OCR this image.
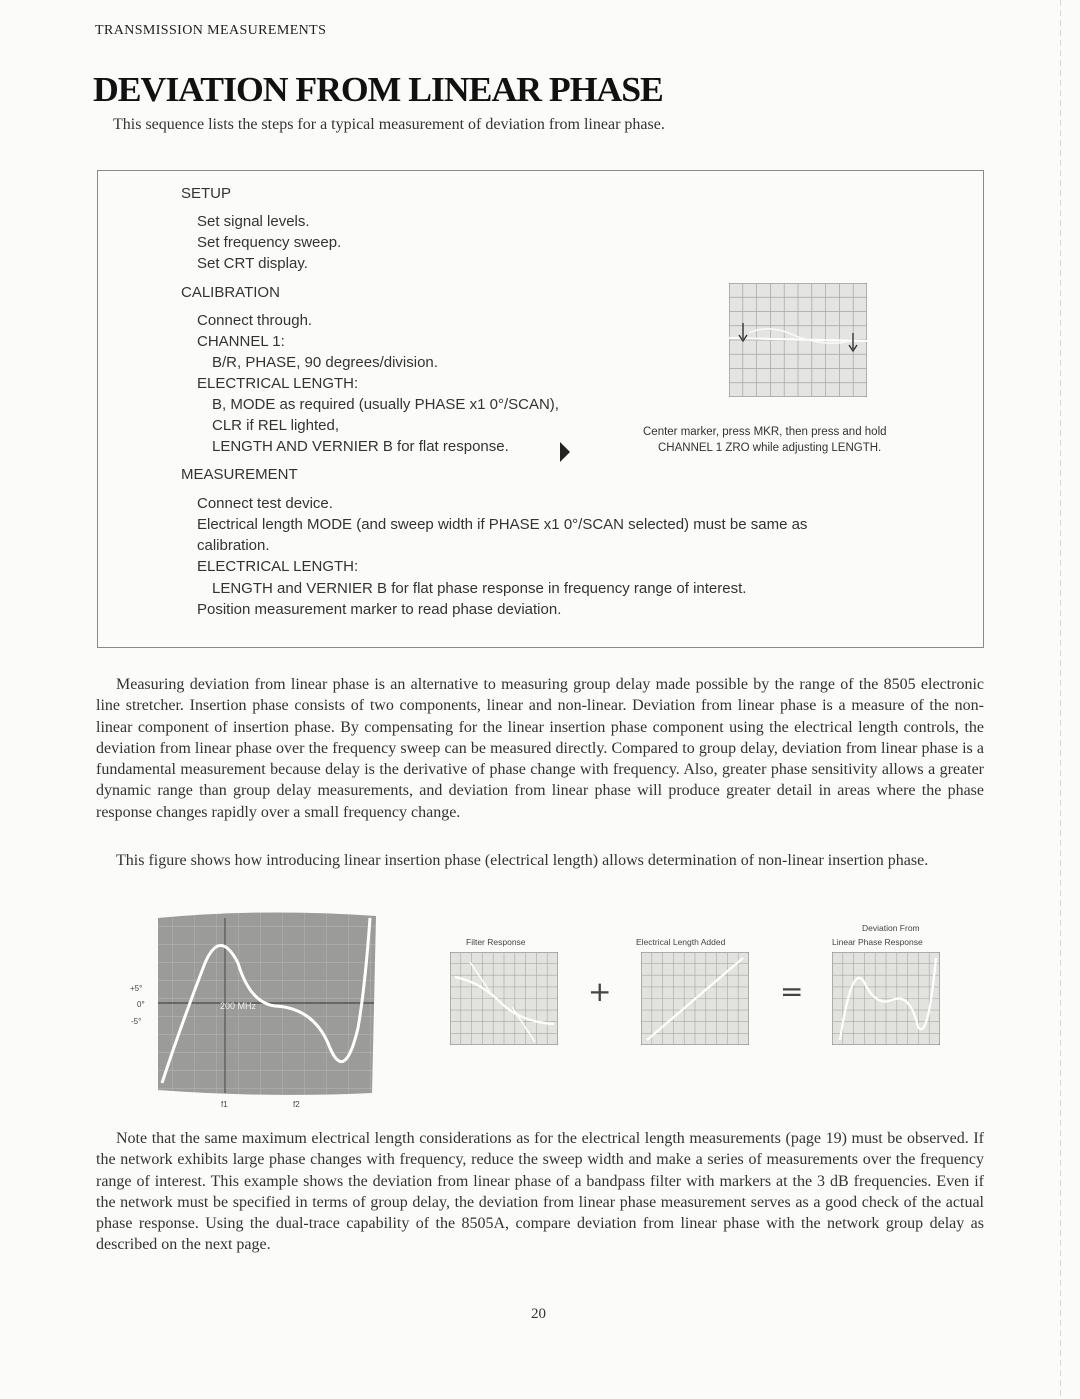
TRANSMISSION MEASUREMENTS
DEVIATION FROM LINEAR PHASE
This sequence lists the steps for a typical measurement of deviation from linear phase.
SETUP
Set signal levels.
Set frequency sweep.
Set CRT display.
CALIBRATION
Connect through.
CHANNEL 1:
B/R, PHASE, 90 degrees/division.
ELECTRICAL LENGTH:
B, MODE as required (usually PHASE x1 0°/SCAN),
CLR if REL lighted,
LENGTH AND VERNIER B for flat response.
MEASUREMENT
Connect test device.
Electrical length MODE (and sweep width if PHASE x1 0°/SCAN selected) must be same as
calibration.
ELECTRICAL LENGTH:
LENGTH and VERNIER B for flat phase response in frequency range of interest.
Position measurement marker to read phase deviation.
Center marker, press MKR, then press and hold
CHANNEL 1 ZRO while adjusting LENGTH.
Measuring deviation from linear phase is an alternative to measuring group delay made possible by the range of the 8505 electronic line stretcher. Insertion phase consists of two components, linear and non-linear. Deviation from linear phase is a measure of the non-linear component of insertion phase. By compensating for the linear insertion phase component using the electrical length controls, the deviation from linear phase over the frequency sweep can be measured directly. Compared to group delay, deviation from linear phase is a fundamental measurement because delay is the derivative of phase change with frequency. Also, greater phase sensitivity allows a greater dynamic range than group delay measurements, and deviation from linear phase will produce greater detail in areas where the phase response changes rapidly over a small frequency change.
This figure shows how introducing linear insertion phase (electrical length) allows determination of non-linear insertion phase.
200 MHz
+5°
0°
-5°
f1	f2
Filter Response	Electrical Length Added
Deviation From
Linear Phase Response
+	=
Note that the same maximum electrical length considerations as for the electrical length measurements (page 19) must be observed. If the network exhibits large phase changes with frequency, reduce the sweep width and make a series of measurements over the frequency range of interest. This example shows the deviation from linear phase of a bandpass filter with markers at the 3 dB frequencies. Even if the network must be specified in terms of group delay, the deviation from linear phase measurement serves as a good check of the actual phase response. Using the dual-trace capability of the 8505A, compare deviation from linear phase with the network group delay as described on the next page.
20
